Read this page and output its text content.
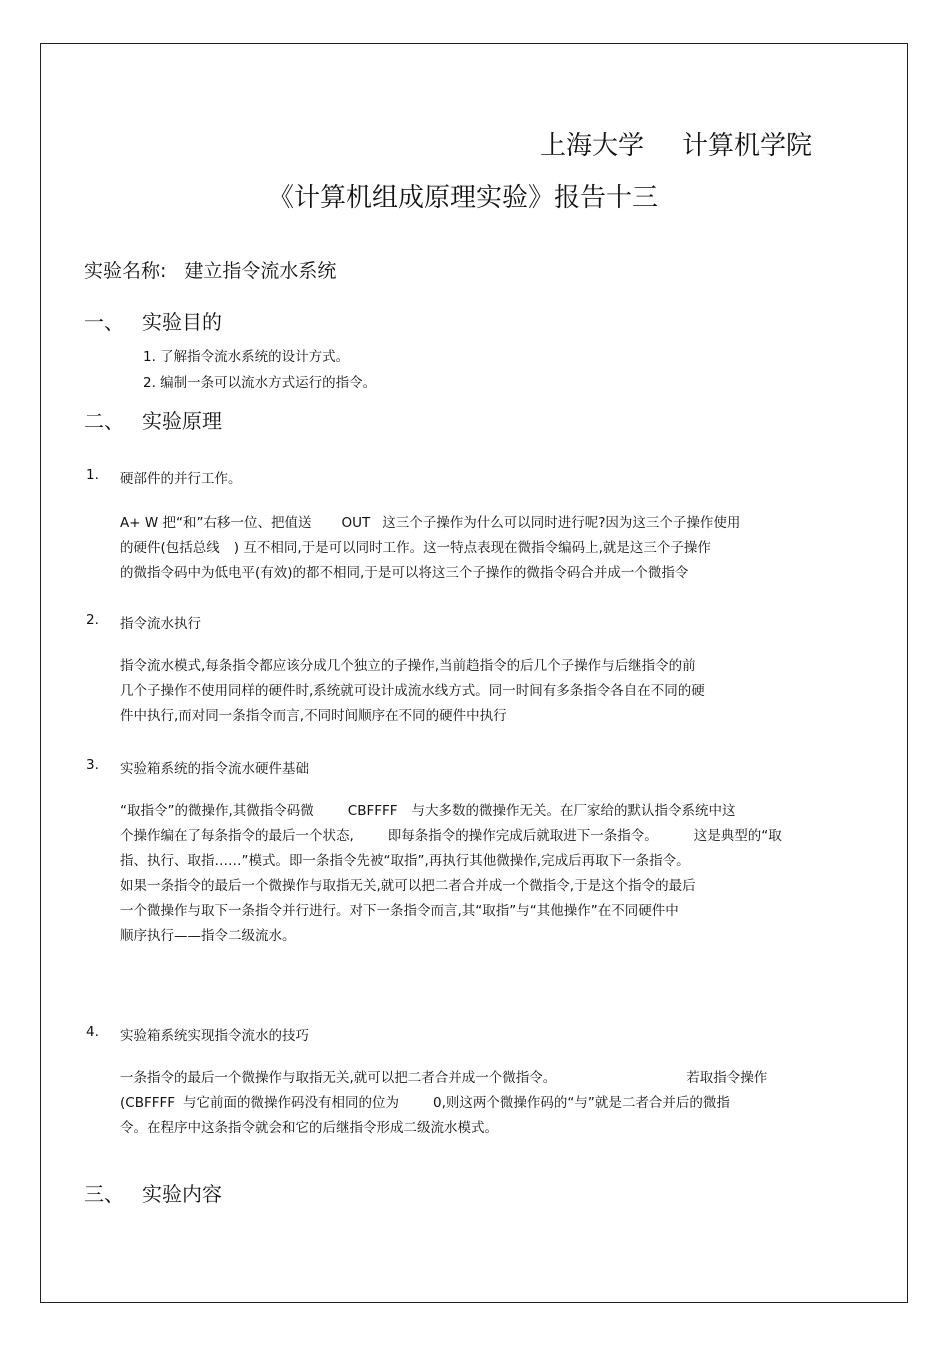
上海大学 计算机学院
《计算机组成原理实验》报告十三
实验名称: 建立指令流水系统
一、 实验目的
1. 了解指令流水系统的设计方式。
2. 编制一条可以流水方式运行的指令。
二、 实验原理
1. 硬部件的并行工作。
A+ W 把“和”右移一位、把值送 OUT 这三个子操作为什么可以同时进行呢?因为这三个子操作使用
的硬件(包括总线 ) 互不相同,于是可以同时工作。这一特点表现在微指令编码上,就是这三个子操作
的微指令码中为低电平(有效)的都不相同,于是可以将这三个子操作的微指令码合并成一个微指令
2. 指令流水执行
指令流水模式,每条指令都应该分成几个独立的子操作,当前趋指令的后几个子操作与后继指令的前
几个子操作不使用同样的硬件时,系统就可设计成流水线方式。同一时间有多条指令各自在不同的硬
件中执行,而对同一条指令而言,不同时间顺序在不同的硬件中执行
3. 实验箱系统的指令流水硬件基础
“取指令”的微操作,其微指令码微	CBFFFF 与大多数的微操作无关。在厂家给的默认指令系统中这
个操作编在了每条指令的最后一个状态,	即每条指令的操作完成后就取进下一条指令。	这是典型的“取
指、执行、取指……”模式。即一条指令先被“取指”,再执行其他微操作,完成后再取下一条指令。
如果一条指令的最后一个微操作与取指无关,就可以把二者合并成一个微指令,于是这个指令的最后
一个微操作与取下一条指令并行进行。对下一条指令而言,其“取指”与“其他操作”在不同硬件中
顺序执行——指令二级流水。
4. 实验箱系统实现指令流水的技巧
一条指令的最后一个微操作与取指无关,就可以把二者合并成一个微指令。	若取指令操作
(CBFFFF 与它前面的微操作码没有相同的位为	0,则这两个微操作码的“与”就是二者合并后的微指
令。在程序中这条指令就会和它的后继指令形成二级流水模式。
三、 实验内容
